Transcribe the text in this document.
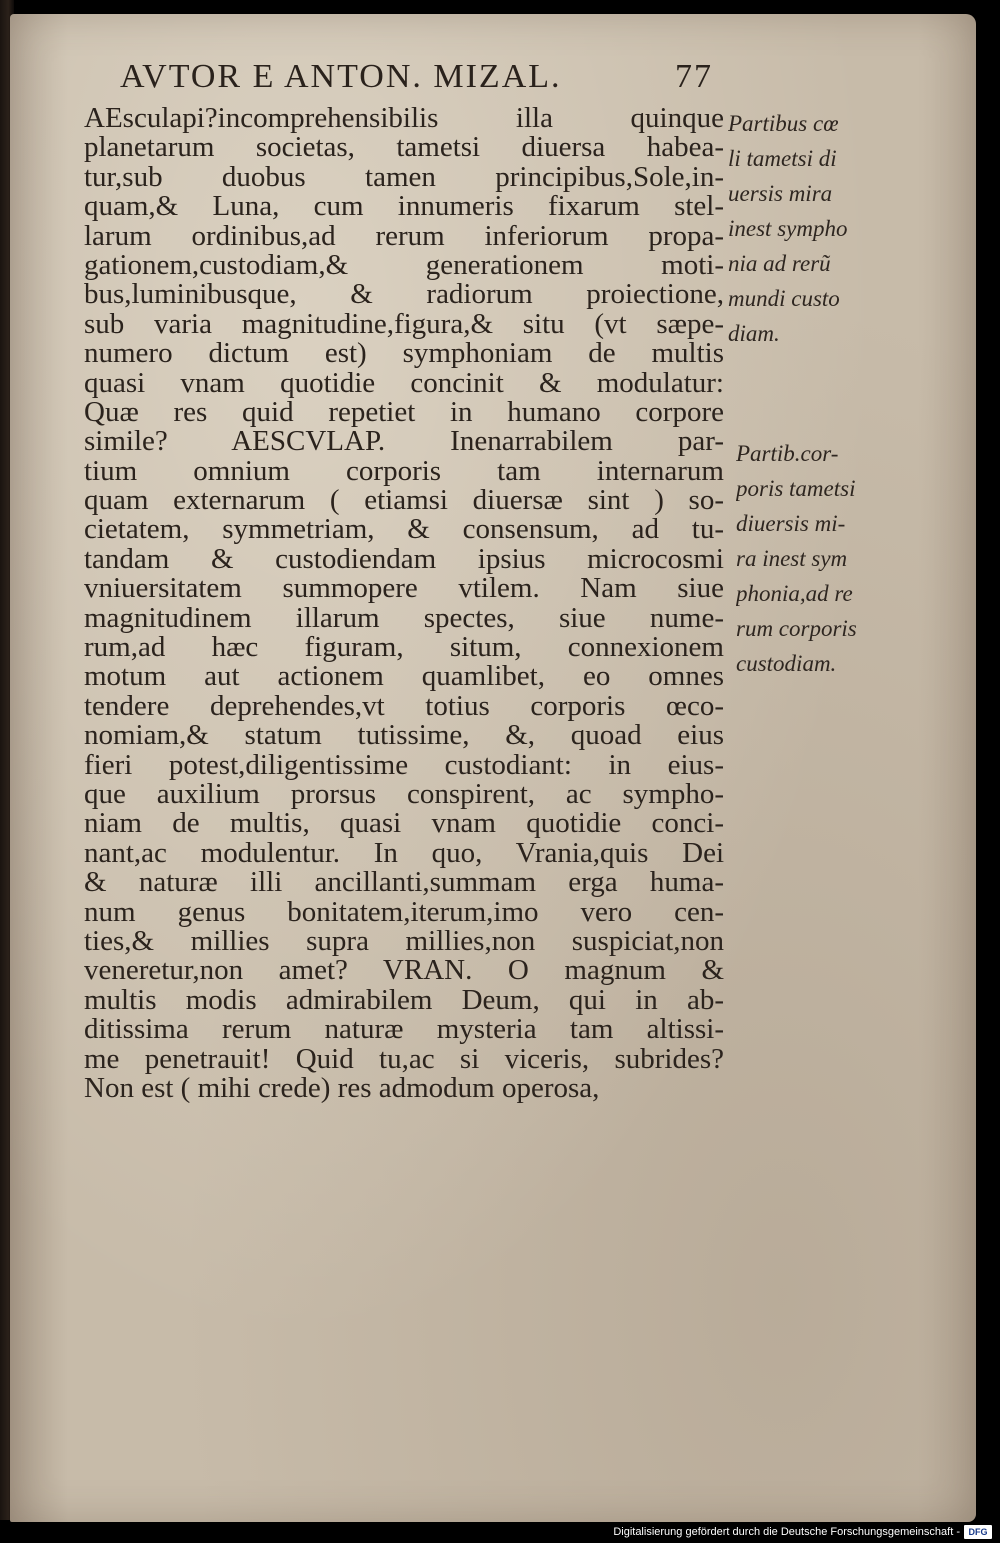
AVTOR E ANTON. MIZAL.	77
AEsculapi?incomprehensibilis illa quinque
planetarum societas, tametsi diuersa habea-
tur,sub duobus tamen principibus,Sole,in-
quam,& Luna, cum innumeris fixarum stel-
larum ordinibus,ad rerum inferiorum propa-
gationem,custodiam,& generationem moti-
bus,luminibusque, & radiorum proiectione,
sub varia magnitudine,figura,& situ (vt sæpe-
numero dictum est) symphoniam de multis
quasi vnam quotidie concinit & modulatur:
Quæ res quid repetiet in humano corpore
simile? AESCVLAP. Inenarrabilem par-
tium omnium corporis tam internarum
quam externarum ( etiamsi diuersæ sint ) so-
cietatem, symmetriam, & consensum, ad tu-
tandam & custodiendam ipsius microcosmi
vniuersitatem summopere vtilem. Nam siue
magnitudinem illarum spectes, siue nume-
rum,ad hæc figuram, situm, connexionem
motum aut actionem quamlibet, eo omnes
tendere deprehendes,vt totius corporis œco-
nomiam,& statum tutissime, &, quoad eius
fieri potest,diligentissime custodiant: in eius-
que auxilium prorsus conspirent, ac sympho-
niam de multis, quasi vnam quotidie conci-
nant,ac modulentur. In quo, Vrania,quis Dei
& naturæ illi ancillanti,summam erga huma-
num genus bonitatem,iterum,imo vero cen-
ties,& millies supra millies,non suspiciat,non
veneretur,non amet? VRAN. O magnum &
multis modis admirabilem Deum, qui in ab-
ditissima rerum naturæ mysteria tam altissi-
me penetrauit! Quid tu,ac si viceris, subrides?
Non est ( mihi crede) res admodum operosa,
Partibus cœ
li tametsi di
uersis mira
inest sympho
nia ad rerũ
mundi custo
diam.
Partib.cor-
poris tametsi
diuersis mi-
ra inest sym
phonia,ad re
rum corporis
custodiam.
Digitalisierung gefördert durch die Deutsche Forschungsgemeinschaft - DFG
